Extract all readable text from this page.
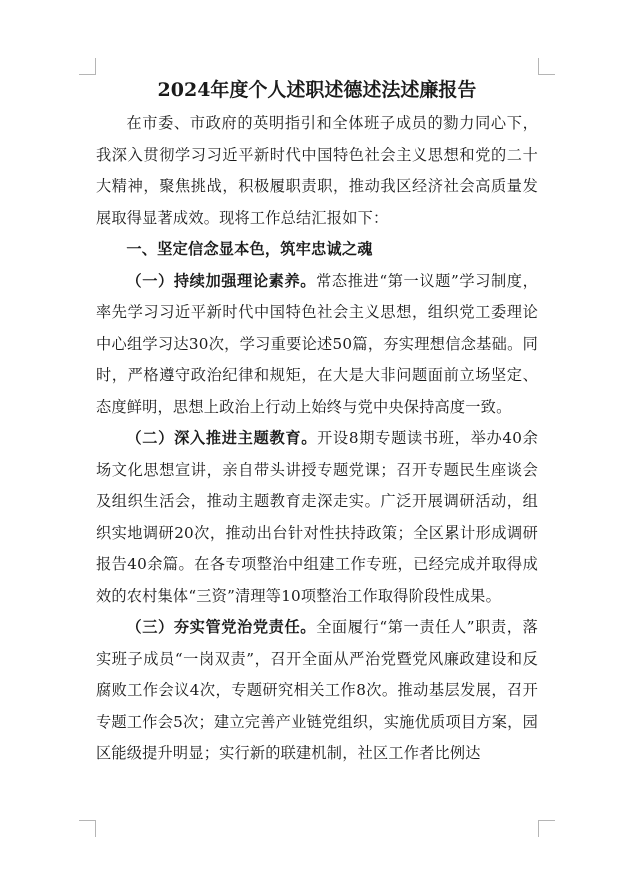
2024年度个人述职述德述法述廉报告

在市委、市政府的英明指引和全体班子成员的勠力同心下，我深入贯彻学习习近平新时代中国特色社会主义思想和党的二十大精神，聚焦挑战，积极履职责职，推动我区经济社会高质量发展取得显著成效。现将工作总结汇报如下：

一、坚定信念显本色，筑牢忠诚之魂

（一）持续加强理论素养。常态推进“第一议题”学习制度，率先学习习近平新时代中国特色社会主义思想，组织党工委理论中心组学习达30次，学习重要论述50篇，夯实理想信念基础。同时，严格遵守政治纪律和规矩，在大是大非问题面前立场坚定、态度鲜明，思想上政治上行动上始终与党中央保持高度一致。

（二）深入推进主题教育。开设8期专题读书班，举办40余场文化思想宣讲，亲自带头讲授专题党课；召开专题民生座谈会及组织生活会，推动主题教育走深走实。广泛开展调研活动，组织实地调研20次，推动出台针对性扶持政策；全区累计形成调研报告40余篇。在各专项整治中组建工作专班，已经完成并取得成效的农村集体“三资”清理等10项整治工作取得阶段性成果。

（三）夯实管党治党责任。全面履行“第一责任人”职责，落实班子成员“一岗双责”，召开全面从严治党暨党风廉政建设和反腐败工作会议4次，专题研究相关工作8次。推动基层发展，召开专题工作会5次；建立完善产业链党组织，实施优质项目方案，园区能级提升明显；实行新的联建机制，社区工作者比例达
